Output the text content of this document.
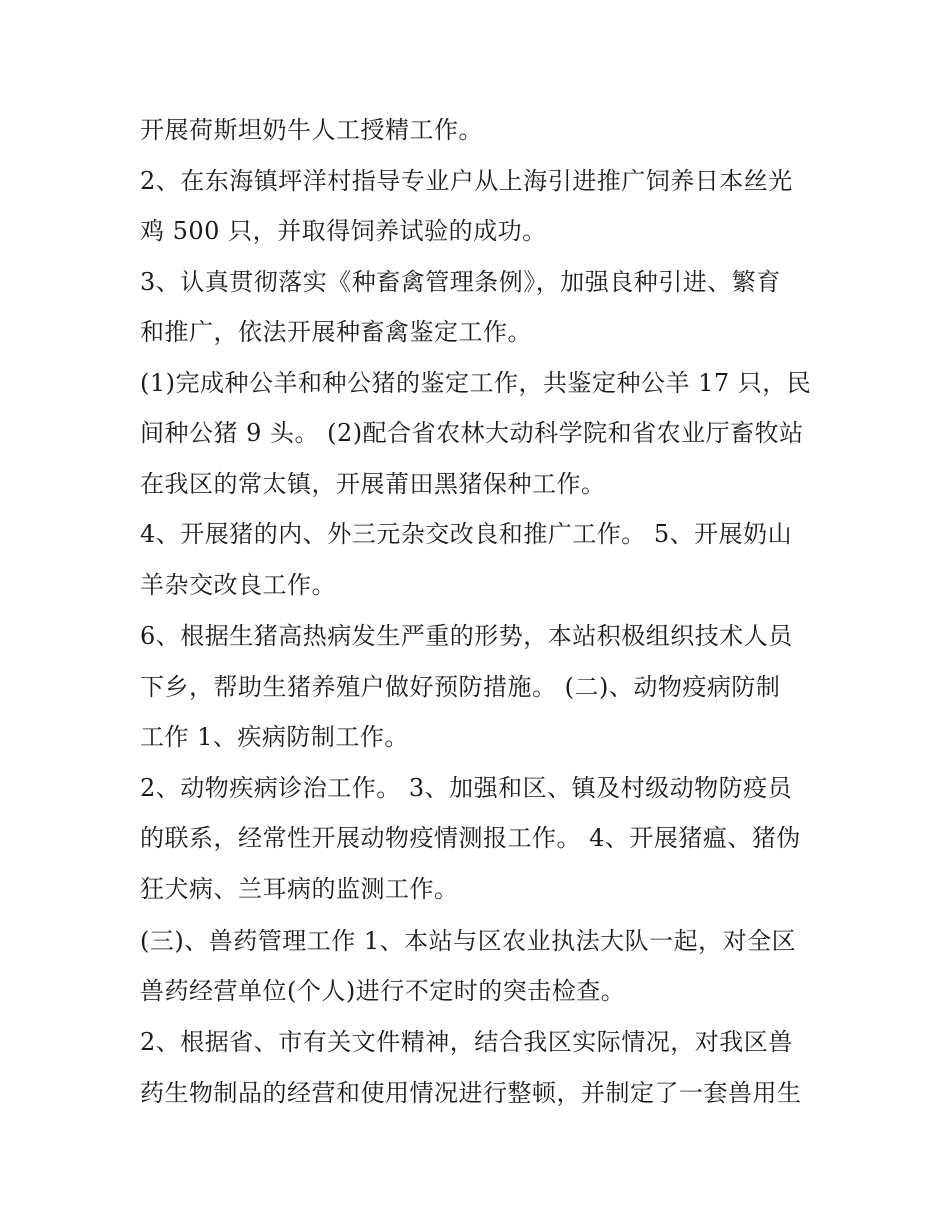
开展荷斯坦奶牛人工授精工作。
2、在东海镇坪洋村指导专业户从上海引进推广饲养日本丝光
鸡 500 只，并取得饲养试验的成功。
3、认真贯彻落实《种畜禽管理条例》，加强良种引进、繁育
和推广，依法开展种畜禽鉴定工作。
(1)完成种公羊和种公猪的鉴定工作，共鉴定种公羊 17 只，民
间种公猪 9 头。 (2)配合省农林大动科学院和省农业厅畜牧站
在我区的常太镇，开展莆田黑猪保种工作。
4、开展猪的内、外三元杂交改良和推广工作。 5、开展奶山
羊杂交改良工作。
6、根据生猪高热病发生严重的形势，本站积极组织技术人员
下乡，帮助生猪养殖户做好预防措施。 (二)、动物疫病防制
工作 1、疾病防制工作。
2、动物疾病诊治工作。 3、加强和区、镇及村级动物防疫员
的联系，经常性开展动物疫情测报工作。 4、开展猪瘟、猪伪
狂犬病、兰耳病的监测工作。
(三)、兽药管理工作 1、本站与区农业执法大队一起，对全区
兽药经营单位(个人)进行不定时的突击检查。
2、根据省、市有关文件精神，结合我区实际情况，对我区兽
药生物制品的经营和使用情况进行整顿，并制定了一套兽用生
